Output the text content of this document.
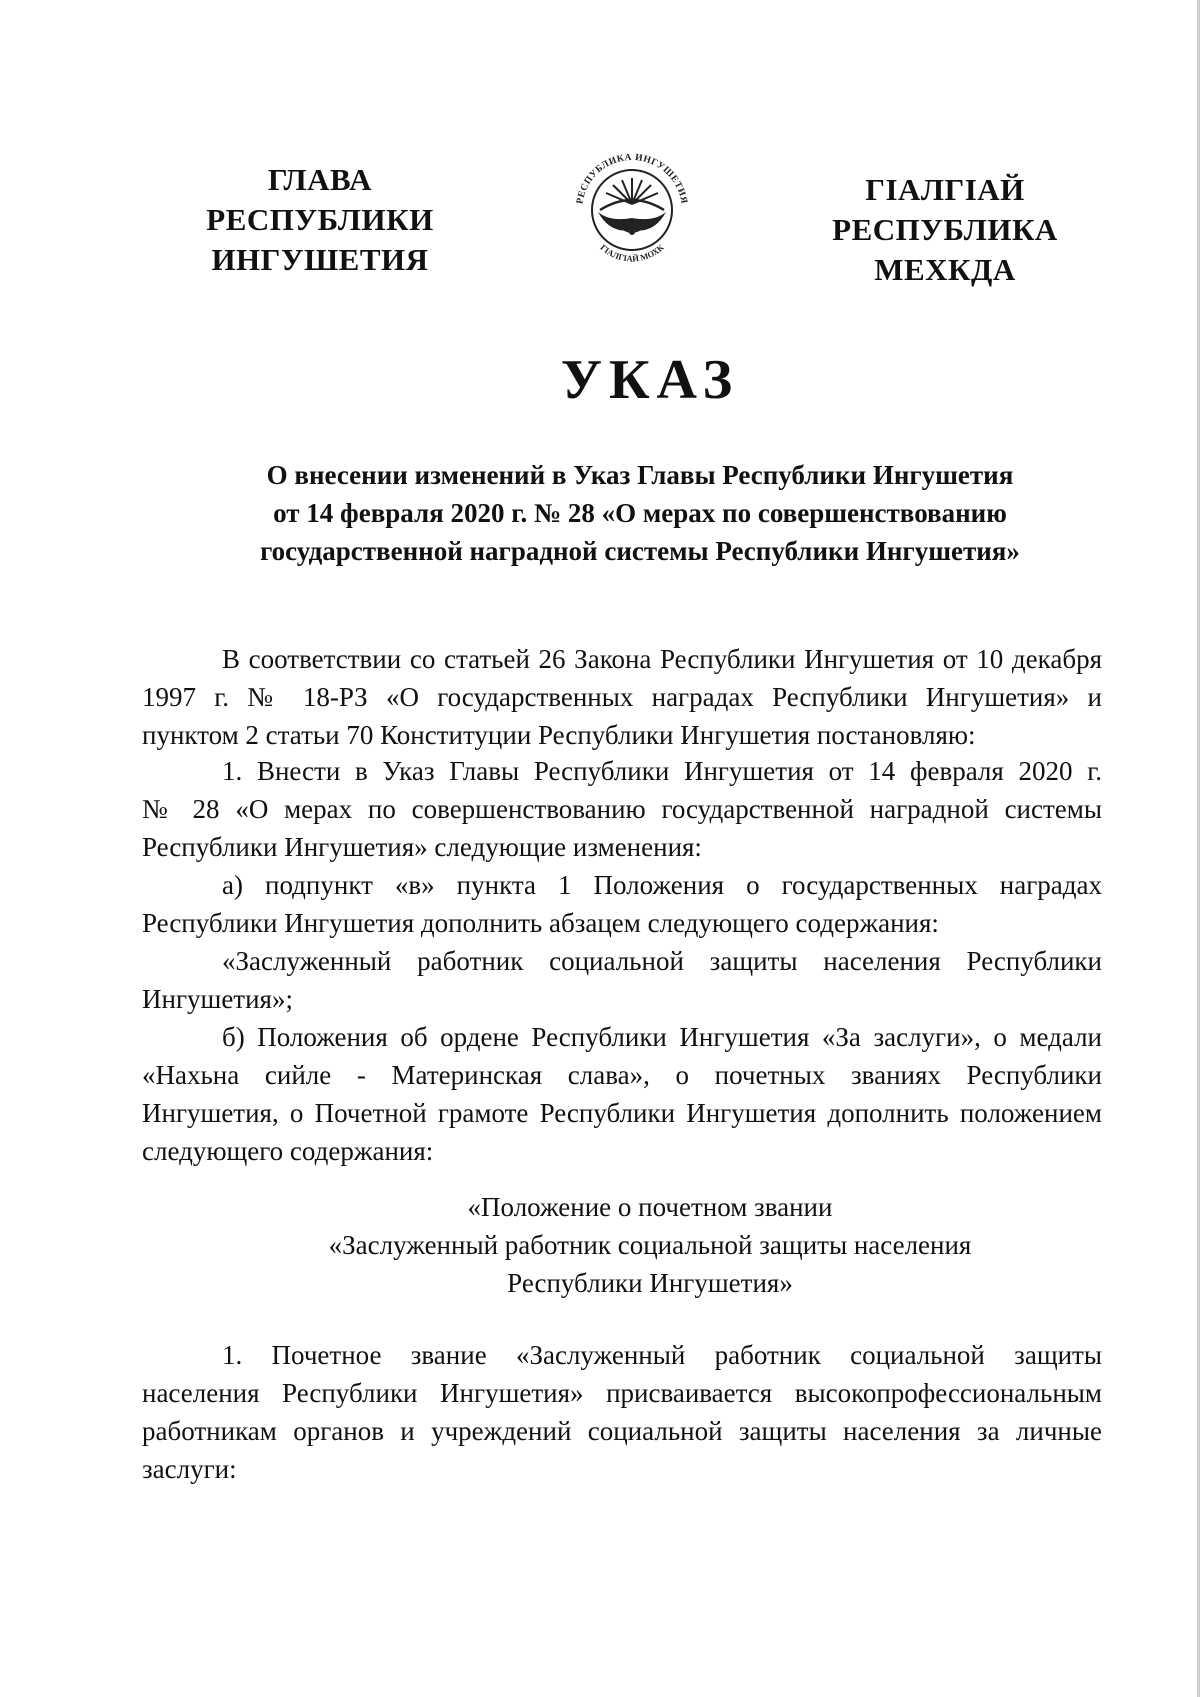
ГЛАВА
РЕСПУБЛИКИ
ИНГУШЕТИЯ
РЕСПУБЛИКА ИНГУШЕТИЯ
ГIАЛГIАЙ МОХК
ГIАЛГIАЙ
РЕСПУБЛИКА
МЕХКДА
УКАЗ
О внесении изменений в Указ Главы Республики Ингушетия
от 14 февраля 2020 г. № 28 «О мерах по совершенствованию
государственной наградной системы Республики Ингушетия»
В соответствии со статьей 26 Закона Республики Ингушетия от 10 декабря
1997 г. № 18-РЗ «О государственных наградах Республики Ингушетия» и
пунктом 2 статьи 70 Конституции Республики Ингушетия постановляю:
1. Внести в Указ Главы Республики Ингушетия от 14 февраля 2020 г.
№ 28 «О мерах по совершенствованию государственной наградной системы
Республики Ингушетия» следующие изменения:
а) подпункт «в» пункта 1 Положения о государственных наградах
Республики Ингушетия дополнить абзацем следующего содержания:
«Заслуженный работник социальной защиты населения Республики
Ингушетия»;
б) Положения об ордене Республики Ингушетия «За заслуги», о медали
«Нахьна сийле - Материнская слава», о почетных званиях Республики
Ингушетия, о Почетной грамоте Республики Ингушетия дополнить положением
следующего содержания:
«Положение о почетном звании
«Заслуженный работник социальной защиты населения
Республики Ингушетия»
1. Почетное звание «Заслуженный работник социальной защиты
населения Республики Ингушетия» присваивается высокопрофессиональным
работникам органов и учреждений социальной защиты населения за личные
заслуги:
